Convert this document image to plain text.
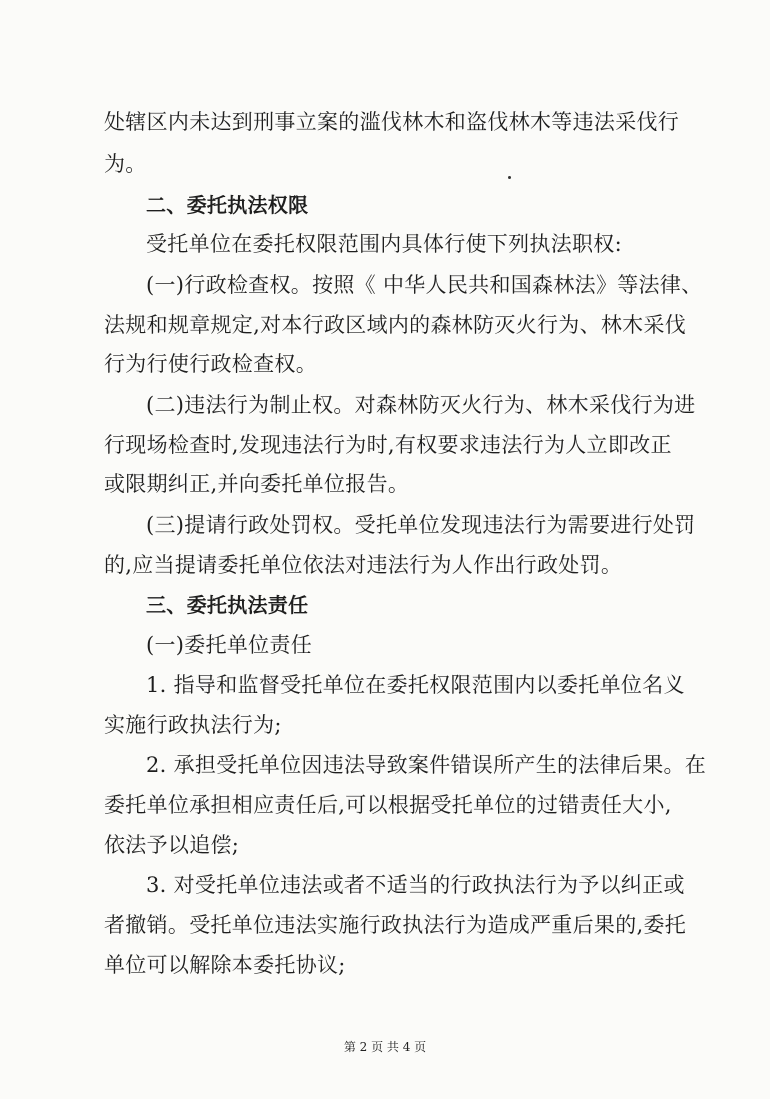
处辖区内未达到刑事立案的滥伐林木和盗伐林木等违法采伐行
为。
二、委托执法权限
受托单位在委托权限范围内具体行使下列执法职权:
(一)行政检查权。按照《 中华人民共和国森林法》等法律、
法规和规章规定,对本行政区域内的森林防灭火行为、林木采伐
行为行使行政检查权。
(二)违法行为制止权。对森林防灭火行为、林木采伐行为进
行现场检查时,发现违法行为时,有权要求违法行为人立即改正
或限期纠正,并向委托单位报告。
(三)提请行政处罚权。受托单位发现违法行为需要进行处罚
的,应当提请委托单位依法对违法行为人作出行政处罚。
三、委托执法责任
(一)委托单位责任
1. 指导和监督受托单位在委托权限范围内以委托单位名义
实施行政执法行为;
2. 承担受托单位因违法导致案件错误所产生的法律后果。在
委托单位承担相应责任后,可以根据受托单位的过错责任大小,
依法予以追偿;
3. 对受托单位违法或者不适当的行政执法行为予以纠正或
者撤销。受托单位违法实施行政执法行为造成严重后果的,委托
单位可以解除本委托协议;
第 2 页 共 4 页
